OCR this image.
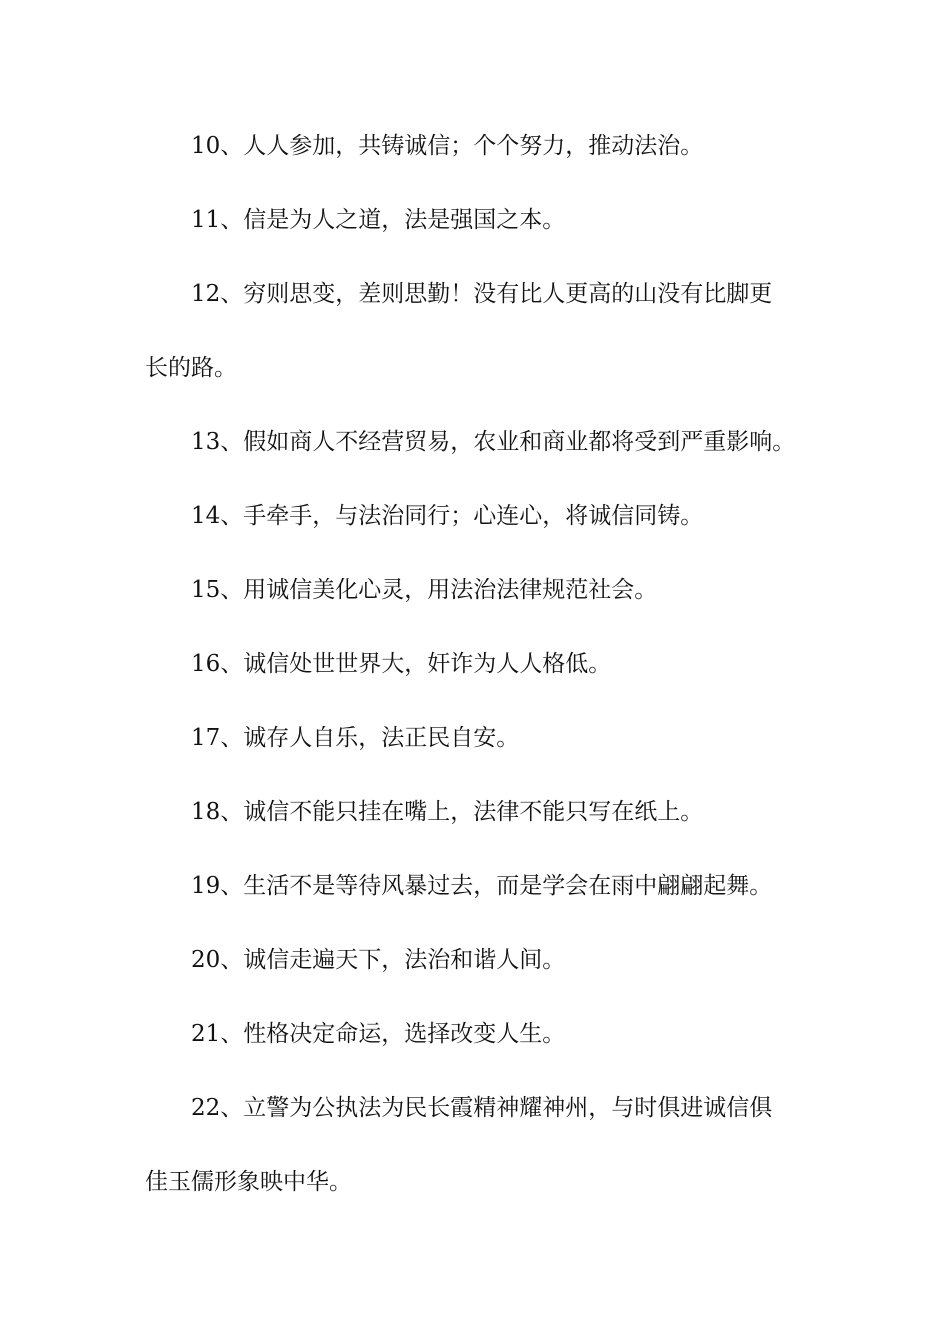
10、人人参加，共铸诚信；个个努力，推动法治。

11、信是为人之道，法是强国之本。

12、穷则思变，差则思勤！没有比人更高的山没有比脚更
长的路。

13、假如商人不经营贸易，农业和商业都将受到严重影响。

14、手牵手，与法治同行；心连心，将诚信同铸。

15、用诚信美化心灵，用法治法律规范社会。

16、诚信处世世界大，奸诈为人人格低。

17、诚存人自乐，法正民自安。

18、诚信不能只挂在嘴上，法律不能只写在纸上。

19、生活不是等待风暴过去，而是学会在雨中翩翩起舞。

20、诚信走遍天下，法治和谐人间。

21、性格决定命运，选择改变人生。

22、立警为公执法为民长霞精神耀神州，与时俱进诚信俱
佳玉儒形象映中华。
